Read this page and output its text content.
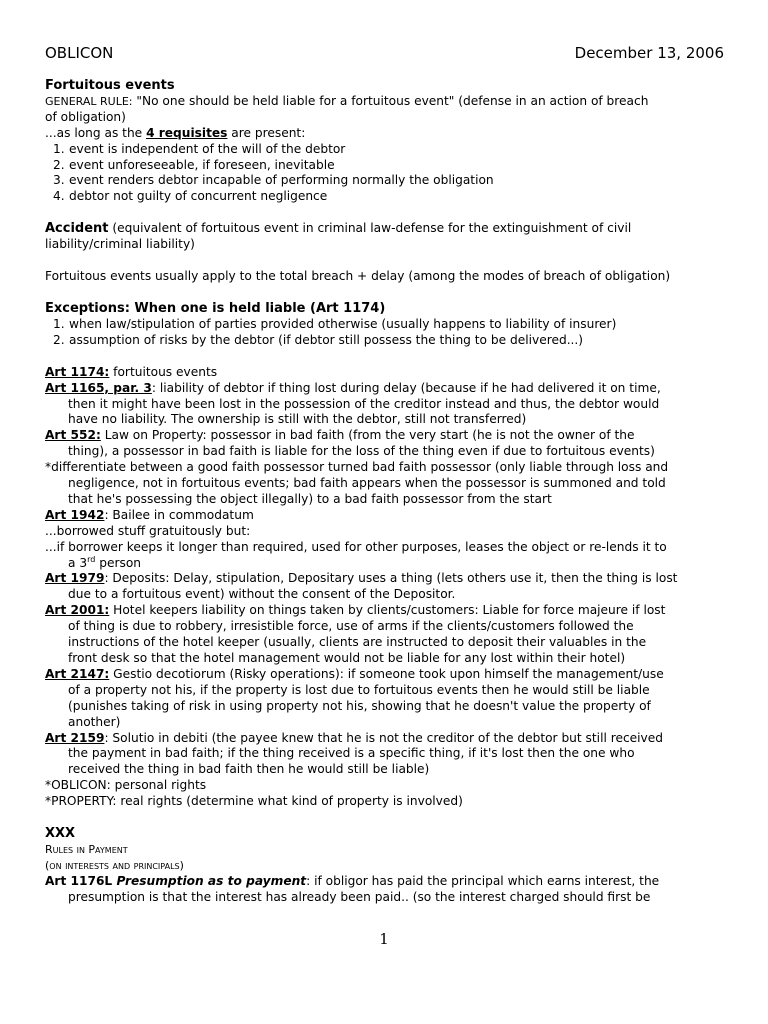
OBLICON	December 13, 2006
Fortuitous events
GENERAL RULE: "No one should be held liable for a fortuitous event" (defense in an action of breach
of obligation)
...as long as the 4 requisites are present:
1. event is independent of the will of the debtor
2. event unforeseeable, if foreseen, inevitable
3. event renders debtor incapable of performing normally the obligation
4. debtor not guilty of concurrent negligence
Accident (equivalent of fortuitous event in criminal law-defense for the extinguishment of civil
liability/criminal liability)
Fortuitous events usually apply to the total breach + delay (among the modes of breach of obligation)
Exceptions: When one is held liable (Art 1174)
1. when law/stipulation of parties provided otherwise (usually happens to liability of insurer)
2. assumption of risks by the debtor (if debtor still possess the thing to be delivered...)
Art 1174: fortuitous events
Art 1165, par. 3: liability of debtor if thing lost during delay (because if he had delivered it on time,
then it might have been lost in the possession of the creditor instead and thus, the debtor would
have no liability. The ownership is still with the debtor, still not transferred)
Art 552: Law on Property: possessor in bad faith (from the very start (he is not the owner of the
thing), a possessor in bad faith is liable for the loss of the thing even if due to fortuitous events)
*differentiate between a good faith possessor turned bad faith possessor (only liable through loss and
negligence, not in fortuitous events; bad faith appears when the possessor is summoned and told
that he's possessing the object illegally) to a bad faith possessor from the start
Art 1942: Bailee in commodatum
...borrowed stuff gratuitously but:
...if borrower keeps it longer than required, used for other purposes, leases the object or re-lends it to
a 3rd person
Art 1979: Deposits: Delay, stipulation, Depositary uses a thing (lets others use it, then the thing is lost
due to a fortuitous event) without the consent of the Depositor.
Art 2001: Hotel keepers liability on things taken by clients/customers: Liable for force majeure if lost
of thing is due to robbery, irresistible force, use of arms if the clients/customers followed the
instructions of the hotel keeper (usually, clients are instructed to deposit their valuables in the
front desk so that the hotel management would not be liable for any lost within their hotel)
Art 2147: Gestio decotiorum (Risky operations): if someone took upon himself the management/use
of a property not his, if the property is lost due to fortuitous events then he would still be liable
(punishes taking of risk in using property not his, showing that he doesn't value the property of
another)
Art 2159: Solutio in debiti (the payee knew that he is not the creditor of the debtor but still received
the payment in bad faith; if the thing received is a specific thing, if it's lost then the one who
received the thing in bad faith then he would still be liable)
*OBLICON: personal rights
*PROPERTY: real rights (determine what kind of property is involved)
XXX
Rules in Payment
(on interests and principals)
Art 1176L Presumption as to payment: if obligor has paid the principal which earns interest, the
presumption is that the interest has already been paid.. (so the interest charged should first be
1
